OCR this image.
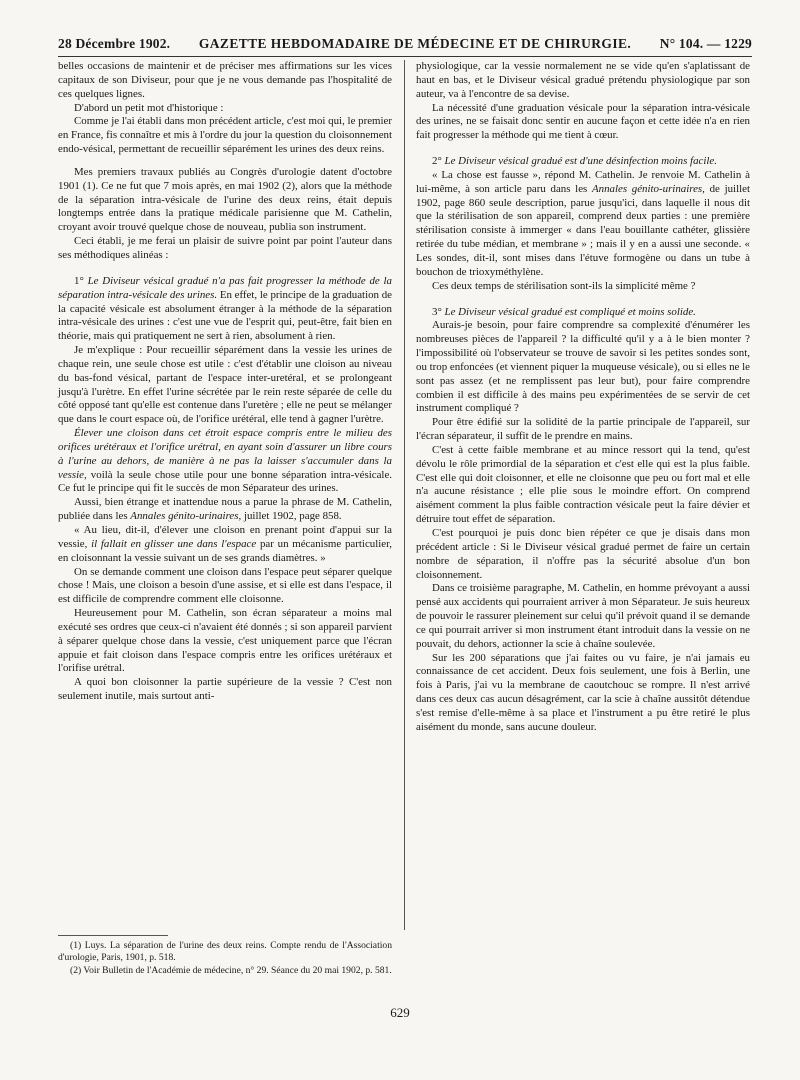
28 Décembre 1902. GAZETTE HEBDOMADAIRE DE MÉDECINE ET DE CHIRURGIE. N° 104. — 1229

belles occasions de maintenir et de préciser mes affirmations sur les vices capitaux de son Diviseur, pour que je ne vous demande pas l'hospitalité de ces quelques lignes.

D'abord un petit mot d'historique :

Comme je l'ai établi dans mon précédent article, c'est moi qui, le premier en France, fis connaître et mis à l'ordre du jour la question du cloisonnement endo-vésical, permettant de recueillir séparément les urines des deux reins.

Mes premiers travaux publiés au Congrès d'urologie datent d'octobre 1901 (1). Ce ne fut que 7 mois après, en mai 1902 (2), alors que la méthode de la séparation intra-vésicale de l'urine des deux reins, était depuis longtemps entrée dans la pratique médicale parisienne que M. Cathelin, croyant avoir trouvé quelque chose de nouveau, publia son instrument.

Ceci établi, je me ferai un plaisir de suivre point par point l'auteur dans ses méthodiques alinéas :

1° Le Diviseur vésical gradué n'a pas fait progresser la méthode de la séparation intra-vésicale des urines. En effet, le principe de la graduation de la capacité vésicale est absolument étranger à la méthode de la séparation intra-vésicale des urines : c'est une vue de l'esprit qui, peut-être, fait bien en théorie, mais qui pratiquement ne sert à rien, absolument à rien.

Je m'explique : Pour recueillir séparément dans la vessie les urines de chaque rein, une seule chose est utile : c'est d'établir une cloison au niveau du bas-fond vésical, partant de l'espace inter-uretéral, et se prolongeant jusqu'à l'urètre. En effet l'urine sécrétée par le rein reste séparée de celle du côté opposé tant qu'elle est contenue dans l'uretère ; elle ne peut se mélanger que dans le court espace où, de l'orifice urétéral, elle tend à gagner l'urètre.

Élever une cloison dans cet étroit espace compris entre le milieu des orifices urétéraux et l'orifice urétral, en ayant soin d'assurer un libre cours à l'urine au dehors, de manière à ne pas la laisser s'accumuler dans la vessie, voilà la seule chose utile pour une bonne séparation intra-vésicale. Ce fut le principe qui fit le succès de mon Séparateur des urines.

Aussi, bien étrange et inattendue nous a parue la phrase de M. Cathelin, publiée dans les Annales génito-urinaires, juillet 1902, page 858.

« Au lieu, dit-il, d'élever une cloison en prenant point d'appui sur la vessie, il fallait en glisser une dans l'espace par un mécanisme particulier, en cloisonnant la vessie suivant un de ses grands diamètres. »

On se demande comment une cloison dans l'espace peut séparer quelque chose ! Mais, une cloison a besoin d'une assise, et si elle est dans l'espace, il est difficile de comprendre comment elle cloisonne.

Heureusement pour M. Cathelin, son écran séparateur a moins mal exécuté ses ordres que ceux-ci n'avaient été donnés ; si son appareil parvient à séparer quelque chose dans la vessie, c'est uniquement parce que l'écran appuie et fait cloison dans l'espace compris entre les orifices urétéraux et l'orifise urétral.

A quoi bon cloisonner la partie supérieure de la vessie ? C'est non seulement inutile, mais surtout anti-

physiologique, car la vessie normalement ne se vide qu'en s'aplatissant de haut en bas, et le Diviseur vésical gradué prétendu physiologique par son auteur, va à l'encontre de sa devise.

La nécessité d'une graduation vésicale pour la séparation intra-vésicale des urines, ne se faisait donc sentir en aucune façon et cette idée n'a en rien fait progresser la méthode qui me tient à cœur.

2° Le Diviseur vésical gradué est d'une désinfection moins facile.

« La chose est fausse », répond M. Cathelin. Je renvoie M. Cathelin à lui-même, à son article paru dans les Annales génito-urinaires, de juillet 1902, page 860 seule description, parue jusqu'ici, dans laquelle il nous dit que la stérilisation de son appareil, comprend deux parties : une première stérilisation consiste à immerger « dans l'eau bouillante cathéter, glissière retirée du tube médian, et membrane » ; mais il y en a aussi une seconde. « Les sondes, dit-il, sont mises dans l'étuve formogène ou dans un tube à bouchon de trioxyméthylène.

Ces deux temps de stérilisation sont-ils la simplicité même ?

3° Le Diviseur vésical gradué est compliqué et moins solide.

Aurais-je besoin, pour faire comprendre sa complexité d'énumérer les nombreuses pièces de l'appareil ? la difficulté qu'il y a à le bien monter ? l'impossibilité où l'observateur se trouve de savoir si les petites sondes sont, ou trop enfoncées (et viennent piquer la muqueuse vésicale), ou si elles ne le sont pas assez (et ne remplissent pas leur but), pour faire comprendre combien il est difficile à des mains peu expérimentées de se servir de cet instrument compliqué ?

Pour être édifié sur la solidité de la partie principale de l'appareil, sur l'écran séparateur, il suffit de le prendre en mains.

C'est à cette faible membrane et au mince ressort qui la tend, qu'est dévolu le rôle primordial de la séparation et c'est elle qui est la plus faible. C'est elle qui doit cloisonner, et elle ne cloisonne que peu ou fort mal et elle n'a aucune résistance ; elle plie sous le moindre effort. On comprend aisément comment la plus faible contraction vésicale peut la faire dévier et détruire tout effet de séparation.

C'est pourquoi je puis donc bien répéter ce que je disais dans mon précédent article : Si le Diviseur vésical gradué permet de faire un certain nombre de séparation, il n'offre pas la sécurité absolue d'un bon cloisonnement.

Dans ce troisième paragraphe, M. Cathelin, en homme prévoyant a aussi pensé aux accidents qui pourraient arriver à mon Séparateur. Je suis heureux de pouvoir le rassurer pleinement sur celui qu'il prévoit quand il se demande ce qui pourrait arriver si mon instrument étant introduit dans la vessie on ne pouvait, du dehors, actionner la scie à chaîne soulevée.

Sur les 200 séparations que j'ai faites ou vu faire, je n'ai jamais eu connaissance de cet accident. Deux fois seulement, une fois à Berlin, une fois à Paris, j'ai vu la membrane de caoutchouc se rompre. Il n'est arrivé dans ces deux cas aucun désagrément, car la scie à chaîne aussitôt détendue s'est remise d'elle-même à sa place et l'instrument a pu être retiré le plus aisément du monde, sans aucune douleur.

(1) Luys. La séparation de l'urine des deux reins. Compte rendu de l'Association d'urologie, Paris, 1901, p. 518.

(2) Voir Bulletin de l'Académie de médecine, n° 29. Séance du 20 mai 1902, p. 581.

629
